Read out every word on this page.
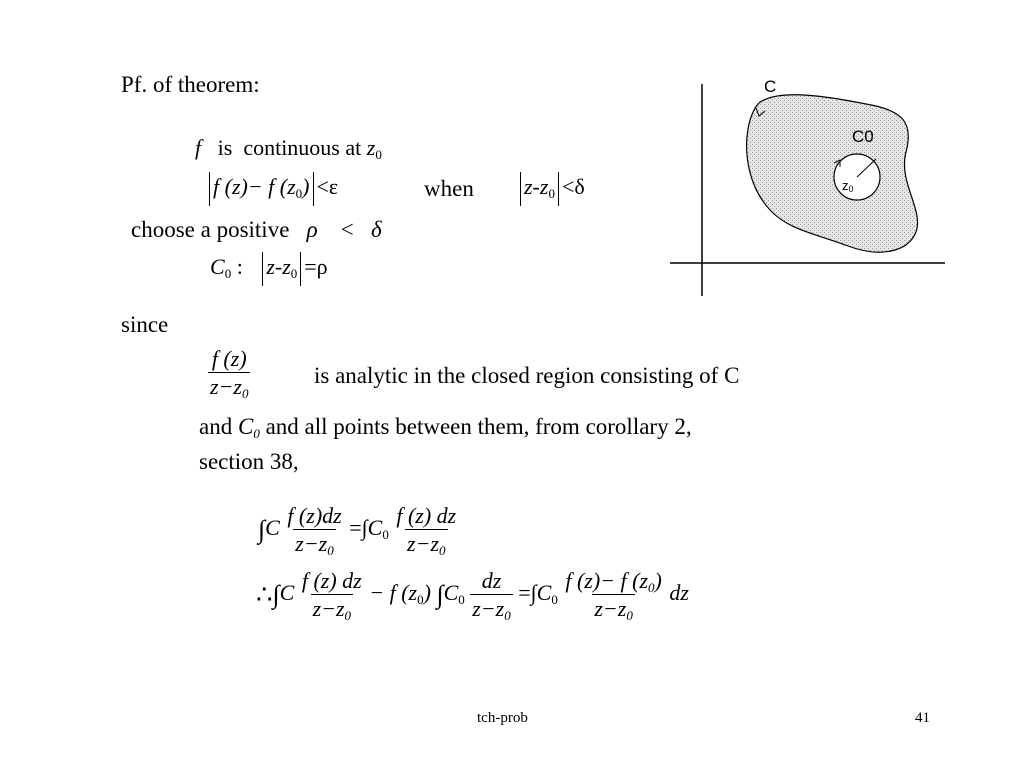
Pf. of theorem:
f is continuous at $z_0$
f (z)− f $(z_0) <\varepsilon$	when	$z-z_0 <\delta$
choose a positive ρ < δ
$C_0$ : $z-z_0 =\rho$
since
$\frac{f (z)}{z-z_0}$	is analytic in the closed region consisting of C
and $C_0$ and all points between them, from corollary 2,
section 38,
$\int C \frac{f (z)dz}{z-z_0} =\int C_0 \frac{f (z) dz}{z-z_0}$
∴∫C $\frac{f (z) dz}{z-z_0} - f$ $(z_0)$ $\int C_0 \frac{dz}{z-z_0} =\int C_0 \frac{f (z)- f (z_0)}{z-z_0}$ dz
C
C0
z0
tch-prob	41
